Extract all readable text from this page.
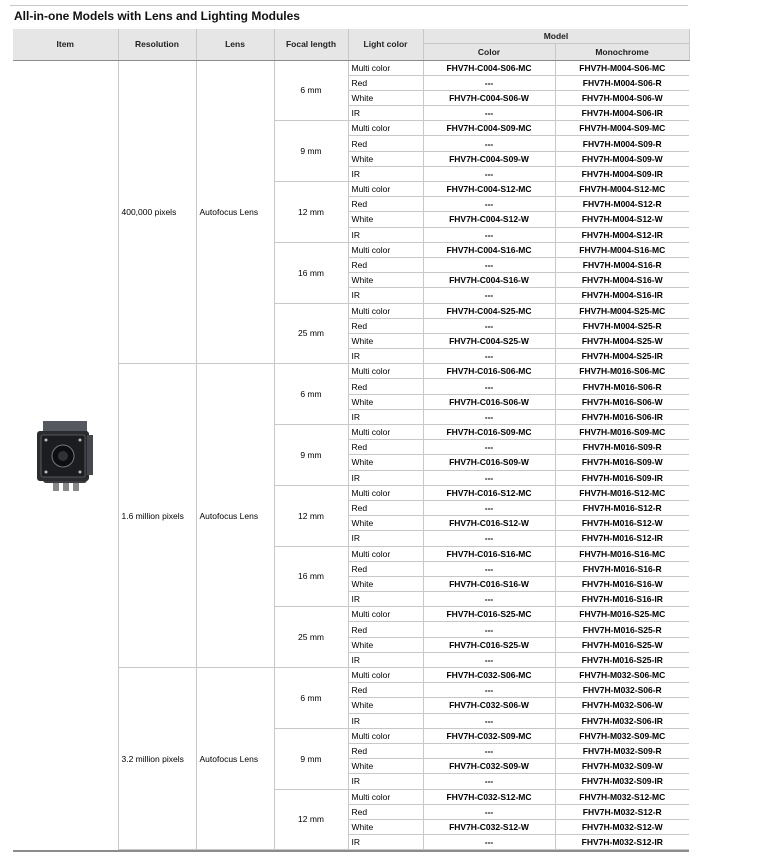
All-in-one Models with Lens and Lighting Modules
Item	Resolution	Lens	Focal length	Light color	Model	
					Color	Monochrome
	400,000 pixels	Autofocus Lens	6 mm	Multi color	FHV7H-C004-S06-MC	FHV7H-M004-S06-MC
				Red	---	FHV7H-M004-S06-R
				White	FHV7H-C004-S06-W	FHV7H-M004-S06-W
				IR	---	FHV7H-M004-S06-IR
			9 mm	Multi color	FHV7H-C004-S09-MC	FHV7H-M004-S09-MC
				Red	---	FHV7H-M004-S09-R
				White	FHV7H-C004-S09-W	FHV7H-M004-S09-W
				IR	---	FHV7H-M004-S09-IR
			12 mm	Multi color	FHV7H-C004-S12-MC	FHV7H-M004-S12-MC
				Red	---	FHV7H-M004-S12-R
				White	FHV7H-C004-S12-W	FHV7H-M004-S12-W
				IR	---	FHV7H-M004-S12-IR
			16 mm	Multi color	FHV7H-C004-S16-MC	FHV7H-M004-S16-MC
				Red	---	FHV7H-M004-S16-R
				White	FHV7H-C004-S16-W	FHV7H-M004-S16-W
				IR	---	FHV7H-M004-S16-IR
			25 mm	Multi color	FHV7H-C004-S25-MC	FHV7H-M004-S25-MC
				Red	---	FHV7H-M004-S25-R
				White	FHV7H-C004-S25-W	FHV7H-M004-S25-W
				IR	---	FHV7H-M004-S25-IR
	1.6 million pixels	Autofocus Lens	6 mm	Multi color	FHV7H-C016-S06-MC	FHV7H-M016-S06-MC
				Red	---	FHV7H-M016-S06-R
				White	FHV7H-C016-S06-W	FHV7H-M016-S06-W
				IR	---	FHV7H-M016-S06-IR
			9 mm	Multi color	FHV7H-C016-S09-MC	FHV7H-M016-S09-MC
				Red	---	FHV7H-M016-S09-R
				White	FHV7H-C016-S09-W	FHV7H-M016-S09-W
				IR	---	FHV7H-M016-S09-IR
			12 mm	Multi color	FHV7H-C016-S12-MC	FHV7H-M016-S12-MC
				Red	---	FHV7H-M016-S12-R
				White	FHV7H-C016-S12-W	FHV7H-M016-S12-W
				IR	---	FHV7H-M016-S12-IR
			16 mm	Multi color	FHV7H-C016-S16-MC	FHV7H-M016-S16-MC
				Red	---	FHV7H-M016-S16-R
				White	FHV7H-C016-S16-W	FHV7H-M016-S16-W
				IR	---	FHV7H-M016-S16-IR
			25 mm	Multi color	FHV7H-C016-S25-MC	FHV7H-M016-S25-MC
				Red	---	FHV7H-M016-S25-R
				White	FHV7H-C016-S25-W	FHV7H-M016-S25-W
				IR	---	FHV7H-M016-S25-IR
	3.2 million pixels	Autofocus Lens	6 mm	Multi color	FHV7H-C032-S06-MC	FHV7H-M032-S06-MC
				Red	---	FHV7H-M032-S06-R
				White	FHV7H-C032-S06-W	FHV7H-M032-S06-W
				IR	---	FHV7H-M032-S06-IR
			9 mm	Multi color	FHV7H-C032-S09-MC	FHV7H-M032-S09-MC
				Red	---	FHV7H-M032-S09-R
				White	FHV7H-C032-S09-W	FHV7H-M032-S09-W
				IR	---	FHV7H-M032-S09-IR
			12 mm	Multi color	FHV7H-C032-S12-MC	FHV7H-M032-S12-MC
				Red	---	FHV7H-M032-S12-R
				White	FHV7H-C032-S12-W	FHV7H-M032-S12-W
				IR	---	FHV7H-M032-S12-IR
